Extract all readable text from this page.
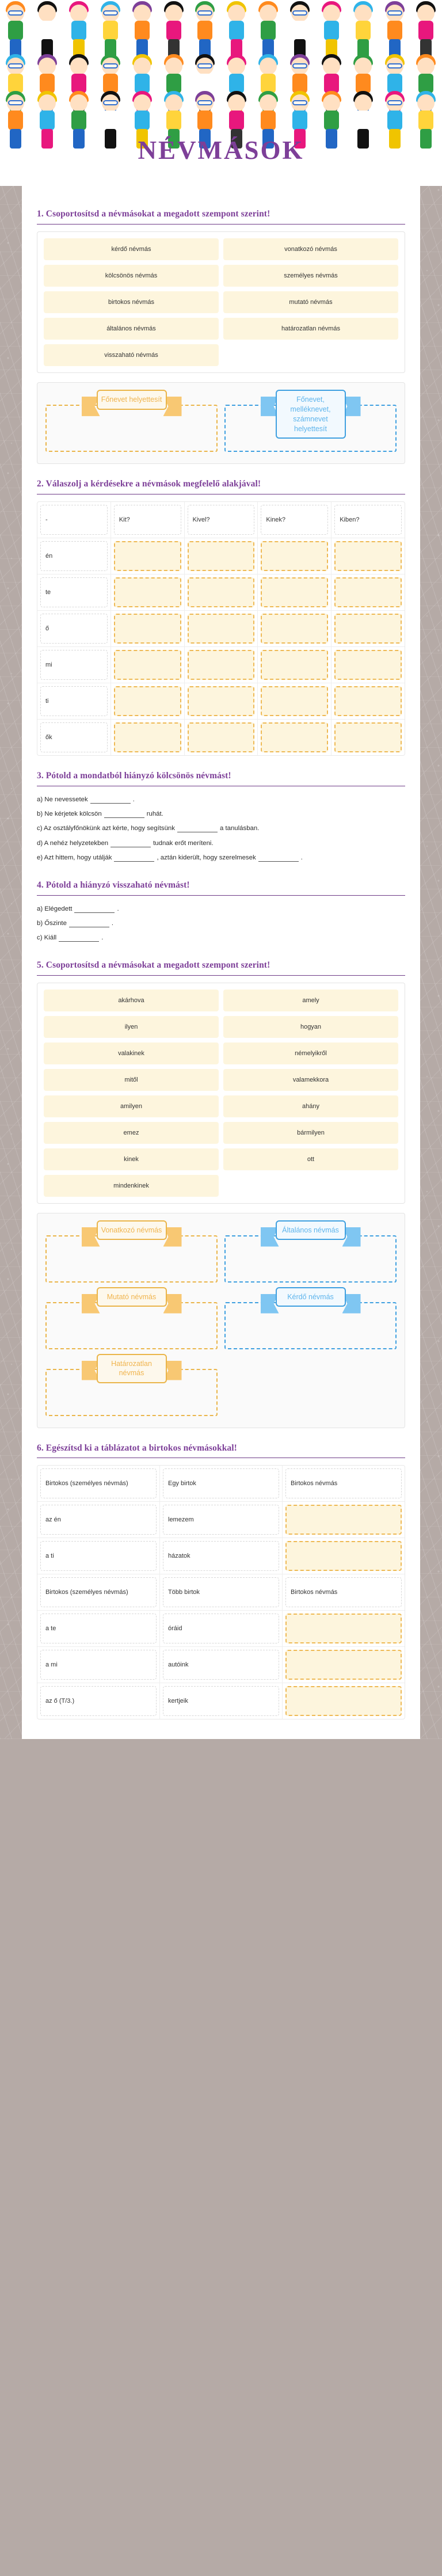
NÉVMÁSOK
1. Csoportosítsd a névmásokat a megadott szempont szerint!
kérdő névmás	vonatkozó névmás
kölcsönös névmás	személyes névmás
birtokos névmás	mutató névmás
általános névmás	határozatlan névmás
visszaható névmás
Főnevet helyettesít	Főnevet, melléknevet, számnevet helyettesít
2. Válaszolj a kérdésekre a névmások megfelelő alakjával!
-	Kit?	Kivel?	Kinek?	Kiben?
én
te
ő
mi
ti
ők
3. Pótold a mondatból hiányzó kölcsönös névmást!
a) Ne nevessetek	.
b) Ne kérjetek kölcsön	ruhát.
c) Az osztályfőnökünk azt kérte, hogy segítsünk	a tanulásban.
d) A nehéz helyzetekben	tudnak erőt meríteni.
e) Azt hittem, hogy utálják	, aztán kiderült, hogy szerelmesek	.
4. Pótold a hiányzó visszaható névmást!
a) Elégedett	.
b) Őszinte	.
c) Kiáll	.
5. Csoportosítsd a névmásokat a megadott szempont szerint!
akárhova	amely
ilyen	hogyan
valakinek	némelyikről
mitől	valamekkora
amilyen	ahány
emez	bármilyen
kinek	ott
mindenkinek
Vonatkozó névmás	Általános névmás
Mutató névmás	Kérdő névmás
Határozatlan névmás
6. Egészítsd ki a táblázatot a birtokos névmásokkal!
Birtokos (személyes névmás)	Egy birtok	Birtokos névmás
az én	lemezem
a ti	házatok
Birtokos (személyes névmás)	Több birtok	Birtokos névmás
a te	óráid
a mi	autóink
az ő (T/3.)	kertjeik
